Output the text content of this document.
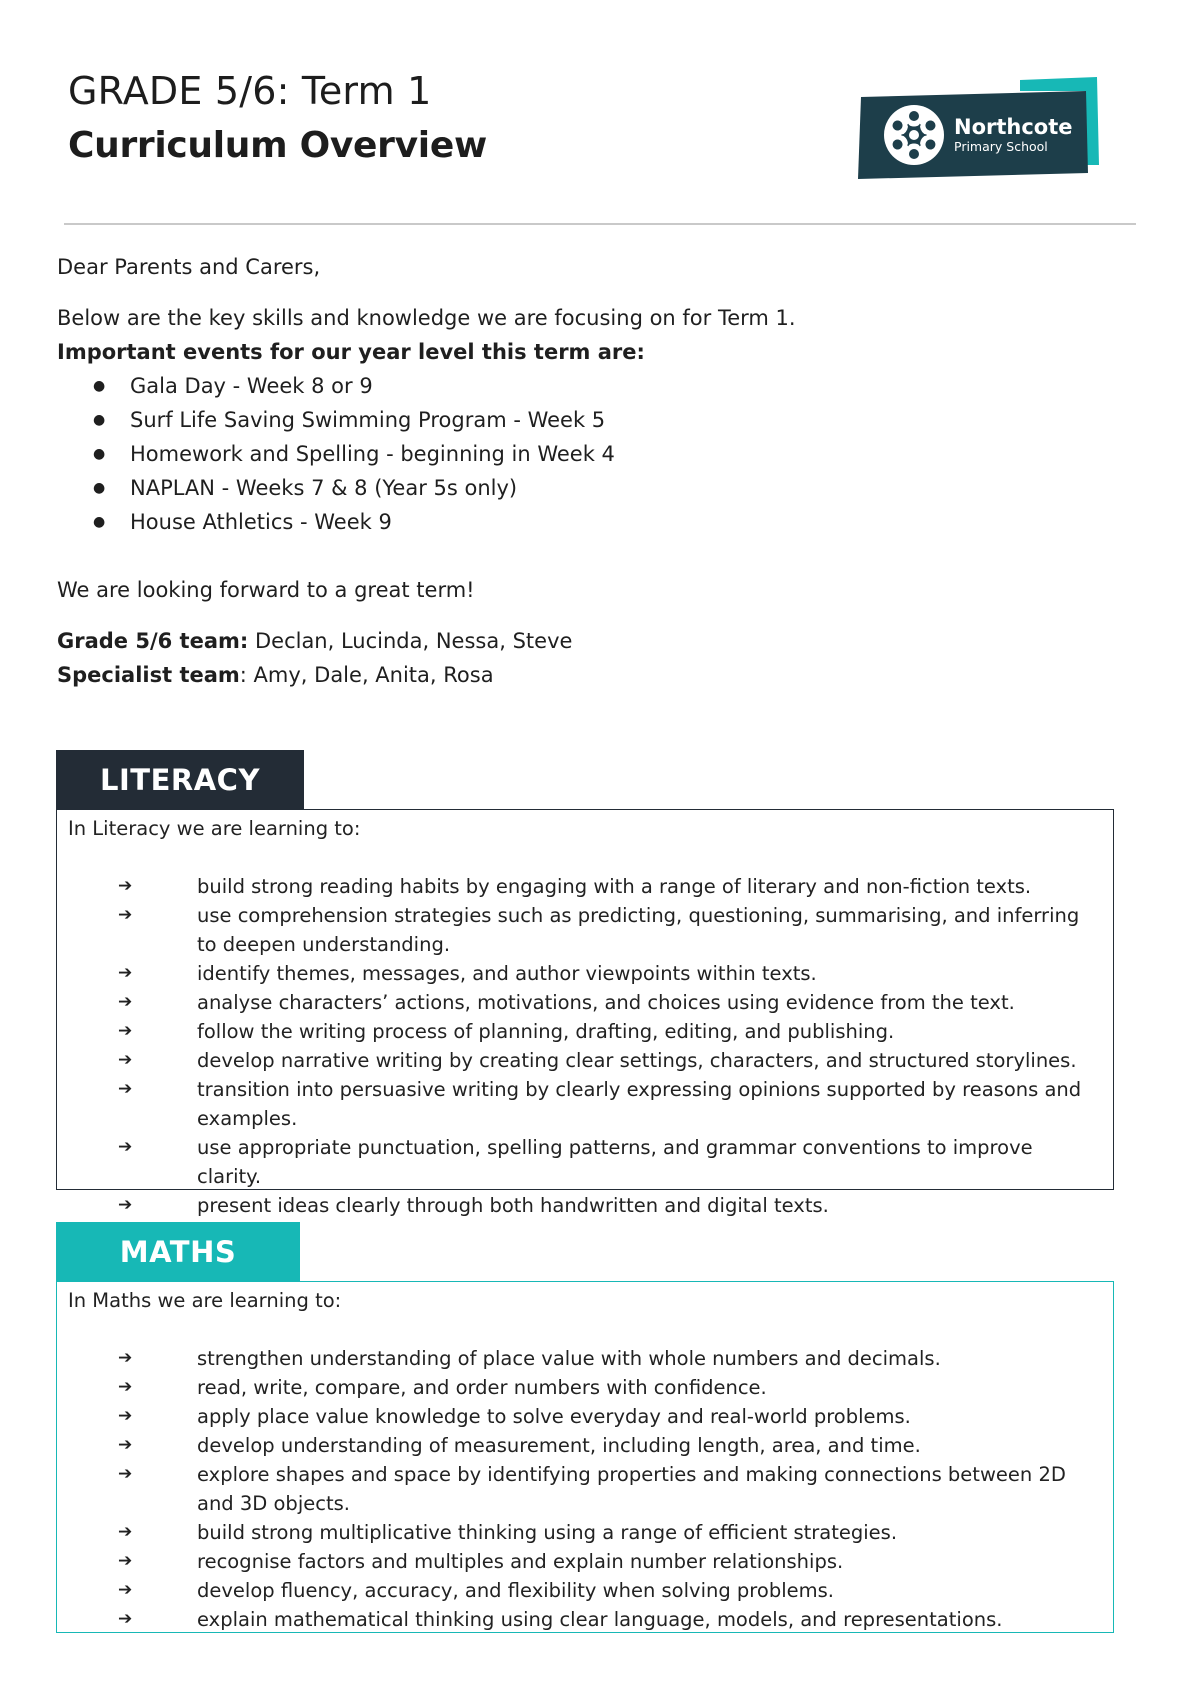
GRADE 5/6: Term 1
Curriculum Overview	Northcote
Primary School

Dear Parents and Carers,

Below are the key skills and knowledge we are focusing on for Term 1.

Important events for our year level this term are:

● Gala Day - Week 8 or 9
● Surf Life Saving Swimming Program - Week 5
● Homework and Spelling - beginning in Week 4
● NAPLAN - Weeks 7 & 8 (Year 5s only)
● House Athletics - Week 9

We are looking forward to a great term!

Grade 5/6 team: Declan, Lucinda, Nessa, Steve

Specialist team: Amy, Dale, Anita, Rosa

LITERACY

In Literacy we are learning to:

➔	build strong reading habits by engaging with a range of literary and non-fiction texts.
➔	use comprehension strategies such as predicting, questioning, summarising, and inferring to deepen understanding.
➔	identify themes, messages, and author viewpoints within texts.
➔	analyse characters’ actions, motivations, and choices using evidence from the text.
➔	follow the writing process of planning, drafting, editing, and publishing.
➔	develop narrative writing by creating clear settings, characters, and structured storylines.
➔	transition into persuasive writing by clearly expressing opinions supported by reasons and examples.
➔	use appropriate punctuation, spelling patterns, and grammar conventions to improve clarity.
➔	present ideas clearly through both handwritten and digital texts.
MATHS

In Maths we are learning to:

➔	strengthen understanding of place value with whole numbers and decimals.
➔	read, write, compare, and order numbers with confidence.
➔	apply place value knowledge to solve everyday and real-world problems.
➔	develop understanding of measurement, including length, area, and time.
➔	explore shapes and space by identifying properties and making connections between 2D and 3D objects.
➔	build strong multiplicative thinking using a range of efficient strategies.
➔	recognise factors and multiples and explain number relationships.
➔	develop fluency, accuracy, and flexibility when solving problems.
➔	explain mathematical thinking using clear language, models, and representations.
